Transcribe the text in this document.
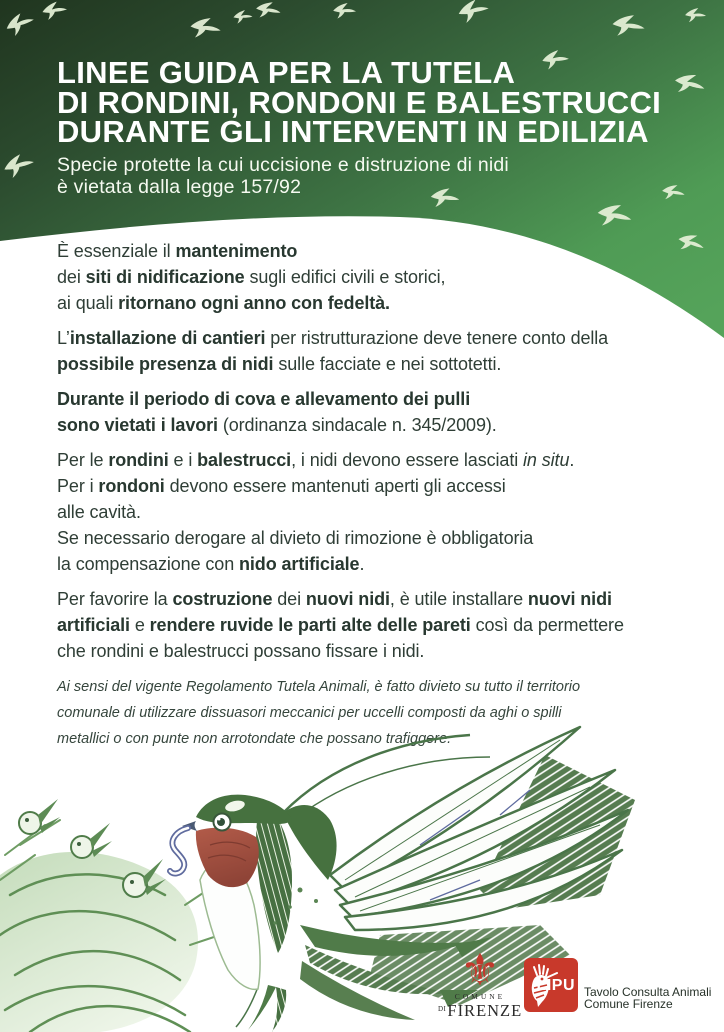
LINEE GUIDA PER LA TUTELA
DI RONDINI, RONDONI E BALESTRUCCI
DURANTE GLI INTERVENTI IN EDILIZIA
Specie protette la cui uccisione e distruzione di nidi
è vietata dalla legge 157/92

È essenziale il mantenimento
dei siti di nidificazione sugli edifici civili e storici,
ai quali ritornano ogni anno con fedeltà.

L’installazione di cantieri per ristrutturazione deve tenere conto della
possibile presenza di nidi sulle facciate e nei sottotetti.

Durante il periodo di cova e allevamento dei pulli
sono vietati i lavori (ordinanza sindacale n. 345/2009).

Per le rondini e i balestrucci, i nidi devono essere lasciati in situ.
Per i rondoni devono essere mantenuti aperti gli accessi
alle cavità.
Se necessario derogare al divieto di rimozione è obbligatoria
la compensazione con nido artificiale.

Per favorire la costruzione dei nuovi nidi, è utile installare nuovi nidi
artificiali e rendere ruvide le parti alte delle pareti così da permettere
che rondini e balestrucci possano fissare i nidi.

Ai sensi del vigente Regolamento Tutela Animali, è fatto divieto su tutto il territorio
comunale di utilizzare dissuasori meccanici per uccelli composti da aghi o spilli
metallici o con punte non arrotondate che possano trafiggere.

⚜
COMUNE
$^{DI}$FIRENZE
LIPU Tavolo Consulta Animali
Comune Firenze
